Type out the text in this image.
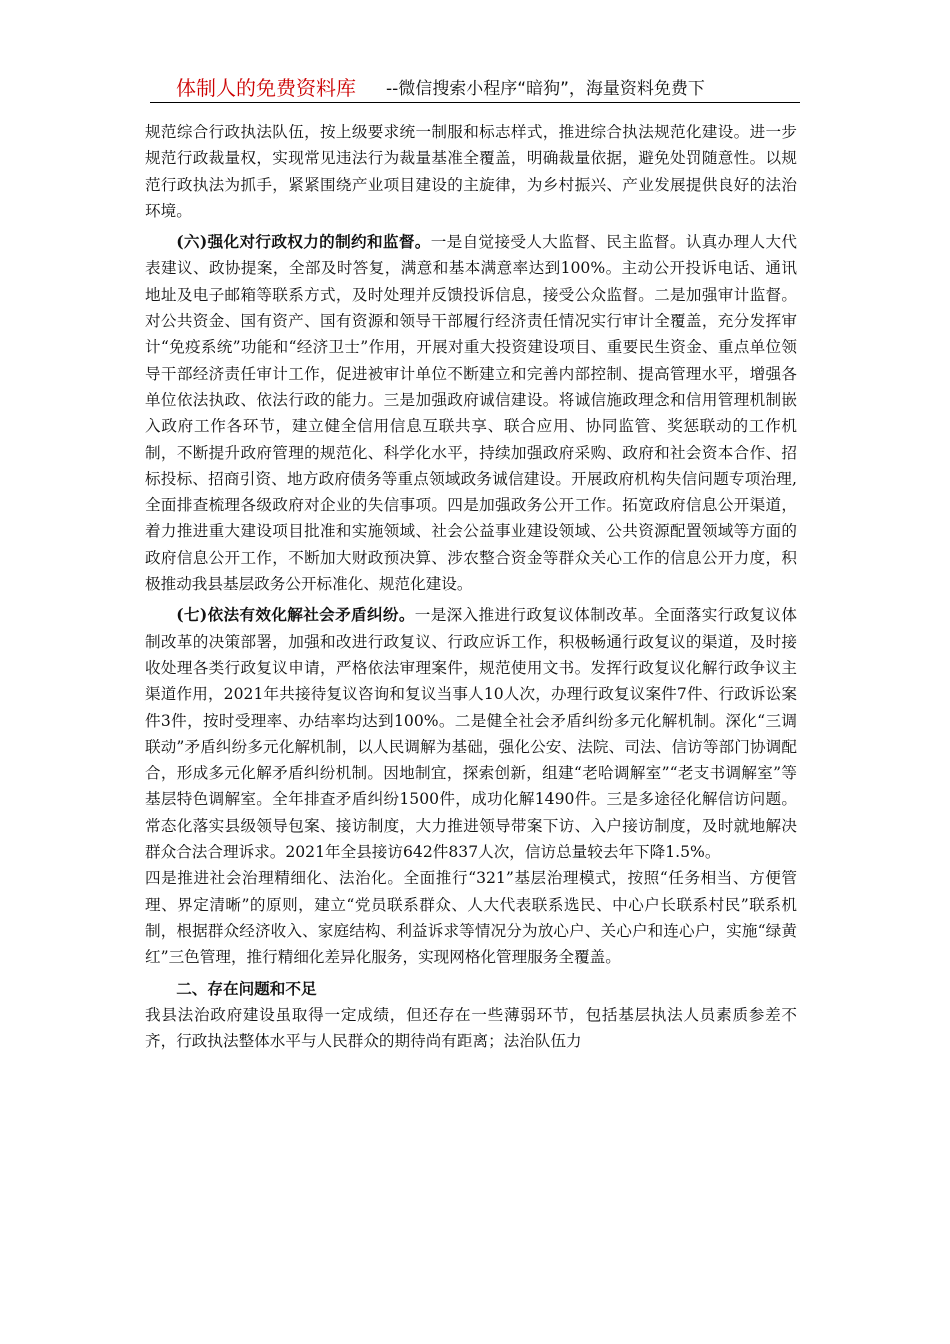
体制人的免费资料库 --微信搜索小程序“暗狗”，海量资料免费下

规范综合行政执法队伍，按上级要求统一制服和标志样式，推进综合执法规范化建设。进一步规范行政裁量权，实现常见违法行为裁量基准全覆盖，明确裁量依据，避免处罚随意性。以规范行政执法为抓手，紧紧围绕产业项目建设的主旋律，为乡村振兴、产业发展提供良好的法治环境。

(六)强化对行政权力的制约和监督。一是自觉接受人大监督、民主监督。认真办理人大代表建议、政协提案，全部及时答复，满意和基本满意率达到100%。主动公开投诉电话、通讯地址及电子邮箱等联系方式，及时处理并反馈投诉信息，接受公众监督。二是加强审计监督。对公共资金、国有资产、国有资源和领导干部履行经济责任情况实行审计全覆盖，充分发挥审计“免疫系统”功能和“经济卫士”作用，开展对重大投资建设项目、重要民生资金、重点单位领导干部经济责任审计工作，促进被审计单位不断建立和完善内部控制、提高管理水平，增强各单位依法执政、依法行政的能力。三是加强政府诚信建设。将诚信施政理念和信用管理机制嵌入政府工作各环节，建立健全信用信息互联共享、联合应用、协同监管、奖惩联动的工作机制，不断提升政府管理的规范化、科学化水平，持续加强政府采购、政府和社会资本合作、招标投标、招商引资、地方政府债务等重点领域政务诚信建设。开展政府机构失信问题专项治理,全面排查梳理各级政府对企业的失信事项。四是加强政务公开工作。拓宽政府信息公开渠道，着力推进重大建设项目批准和实施领域、社会公益事业建设领域、公共资源配置领域等方面的政府信息公开工作，不断加大财政预决算、涉农整合资金等群众关心工作的信息公开力度，积极推动我县基层政务公开标准化、规范化建设。

(七)依法有效化解社会矛盾纠纷。一是深入推进行政复议体制改革。全面落实行政复议体制改革的决策部署，加强和改进行政复议、行政应诉工作，积极畅通行政复议的渠道，及时接收处理各类行政复议申请，严格依法审理案件，规范使用文书。发挥行政复议化解行政争议主渠道作用，2021年共接待复议咨询和复议当事人10人次，办理行政复议案件7件、行政诉讼案件3件，按时受理率、办结率均达到100%。二是健全社会矛盾纠纷多元化解机制。深化“三调联动”矛盾纠纷多元化解机制，以人民调解为基础，强化公安、法院、司法、信访等部门协调配合，形成多元化解矛盾纠纷机制。因地制宜，探索创新，组建“老哈调解室”“老支书调解室”等基层特色调解室。全年排查矛盾纠纷1500件，成功化解1490件。三是多途径化解信访问题。常态化落实县级领导包案、接访制度，大力推进领导带案下访、入户接访制度，及时就地解决群众合法合理诉求。2021年全县接访642件837人次，信访总量较去年下降1.5%。

四是推进社会治理精细化、法治化。全面推行“321”基层治理模式，按照“任务相当、方便管理、界定清晰”的原则，建立“党员联系群众、人大代表联系选民、中心户长联系村民”联系机制，根据群众经济收入、家庭结构、利益诉求等情况分为放心户、关心户和连心户，实施“绿黄红”三色管理，推行精细化差异化服务，实现网格化管理服务全覆盖。

二、存在问题和不足

我县法治政府建设虽取得一定成绩，但还存在一些薄弱环节，包括基层执法人员素质参差不齐，行政执法整体水平与人民群众的期待尚有距离；法治队伍力
